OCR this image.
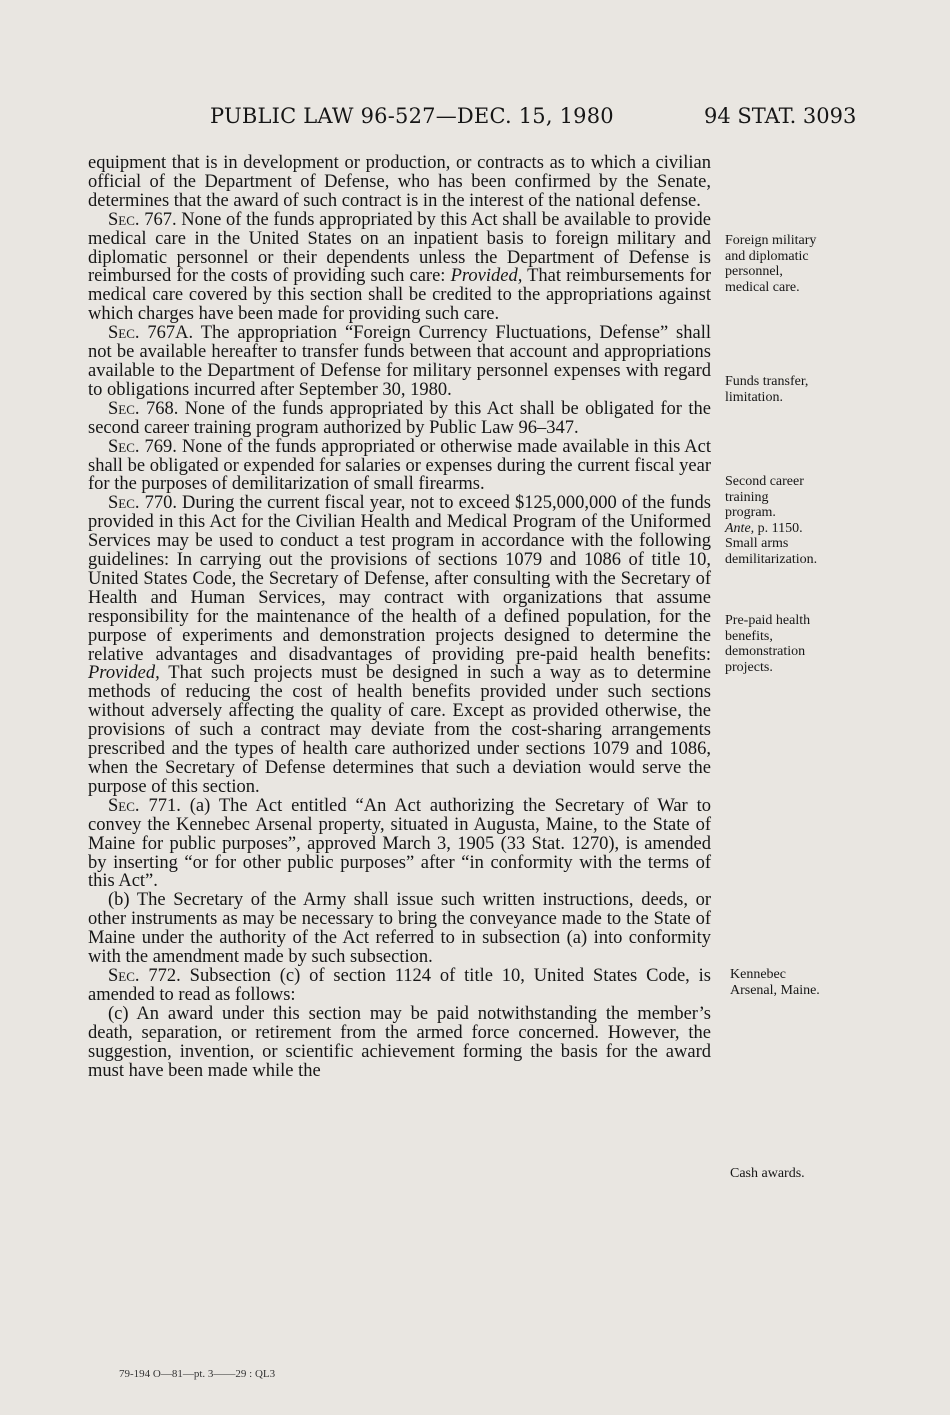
PUBLIC LAW 96-527—DEC. 15, 1980	94 STAT. 3093

equipment that is in development or production, or contracts as to which a civilian official of the Department of Defense, who has been confirmed by the Senate, determines that the award of such contract is in the interest of the national defense.

Sec. 767. None of the funds appropriated by this Act shall be available to provide medical care in the United States on an inpatient basis to foreign military and diplomatic personnel or their dependents unless the Department of Defense is reimbursed for the costs of providing such care: Provided, That reimbursements for medical care covered by this section shall be credited to the appropriations against which charges have been made for providing such care.

Sec. 767A. The appropriation “Foreign Currency Fluctuations, Defense” shall not be available hereafter to transfer funds between that account and appropriations available to the Department of Defense for military personnel expenses with regard to obligations incurred after September 30, 1980.

Sec. 768. None of the funds appropriated by this Act shall be obligated for the second career training program authorized by Public Law 96–347.

Sec. 769. None of the funds appropriated or otherwise made available in this Act shall be obligated or expended for salaries or expenses during the current fiscal year for the purposes of demilitarization of small firearms.

Sec. 770. During the current fiscal year, not to exceed $125,000,000 of the funds provided in this Act for the Civilian Health and Medical Program of the Uniformed Services may be used to conduct a test program in accordance with the following guidelines: In carrying out the provisions of sections 1079 and 1086 of title 10, United States Code, the Secretary of Defense, after consulting with the Secretary of Health and Human Services, may contract with organizations that assume responsibility for the maintenance of the health of a defined population, for the purpose of experiments and demonstration projects designed to determine the relative advantages and disadvantages of providing pre-paid health benefits: Provided, That such projects must be designed in such a way as to determine methods of reducing the cost of health benefits provided under such sections without adversely affecting the quality of care. Except as provided otherwise, the provisions of such a contract may deviate from the cost-sharing arrangements prescribed and the types of health care authorized under sections 1079 and 1086, when the Secretary of Defense determines that such a deviation would serve the purpose of this section.

Sec. 771. (a) The Act entitled “An Act authorizing the Secretary of War to convey the Kennebec Arsenal property, situated in Augusta, Maine, to the State of Maine for public purposes”, approved March 3, 1905 (33 Stat. 1270), is amended by inserting “or for other public purposes” after “in conformity with the terms of this Act”.

(b) The Secretary of the Army shall issue such written instructions, deeds, or other instruments as may be necessary to bring the conveyance made to the State of Maine under the authority of the Act referred to in subsection (a) into conformity with the amendment made by such subsection.

Sec. 772. Subsection (c) of section 1124 of title 10, United States Code, is amended to read as follows:

(c) An award under this section may be paid notwithstanding the member’s death, separation, or retirement from the armed force concerned. However, the suggestion, invention, or scientific achievement forming the basis for the award must have been made while the

Foreign military
and diplomatic
personnel,
medical care.
Funds transfer,
limitation.
Second career
training
program.
Ante, p. 1150.
Small arms
demilitarization.
Pre-paid health
benefits,
demonstration
projects.
Kennebec
Arsenal, Maine.
Cash awards.
79-194 O—81—pt. 3——29 : QL3
